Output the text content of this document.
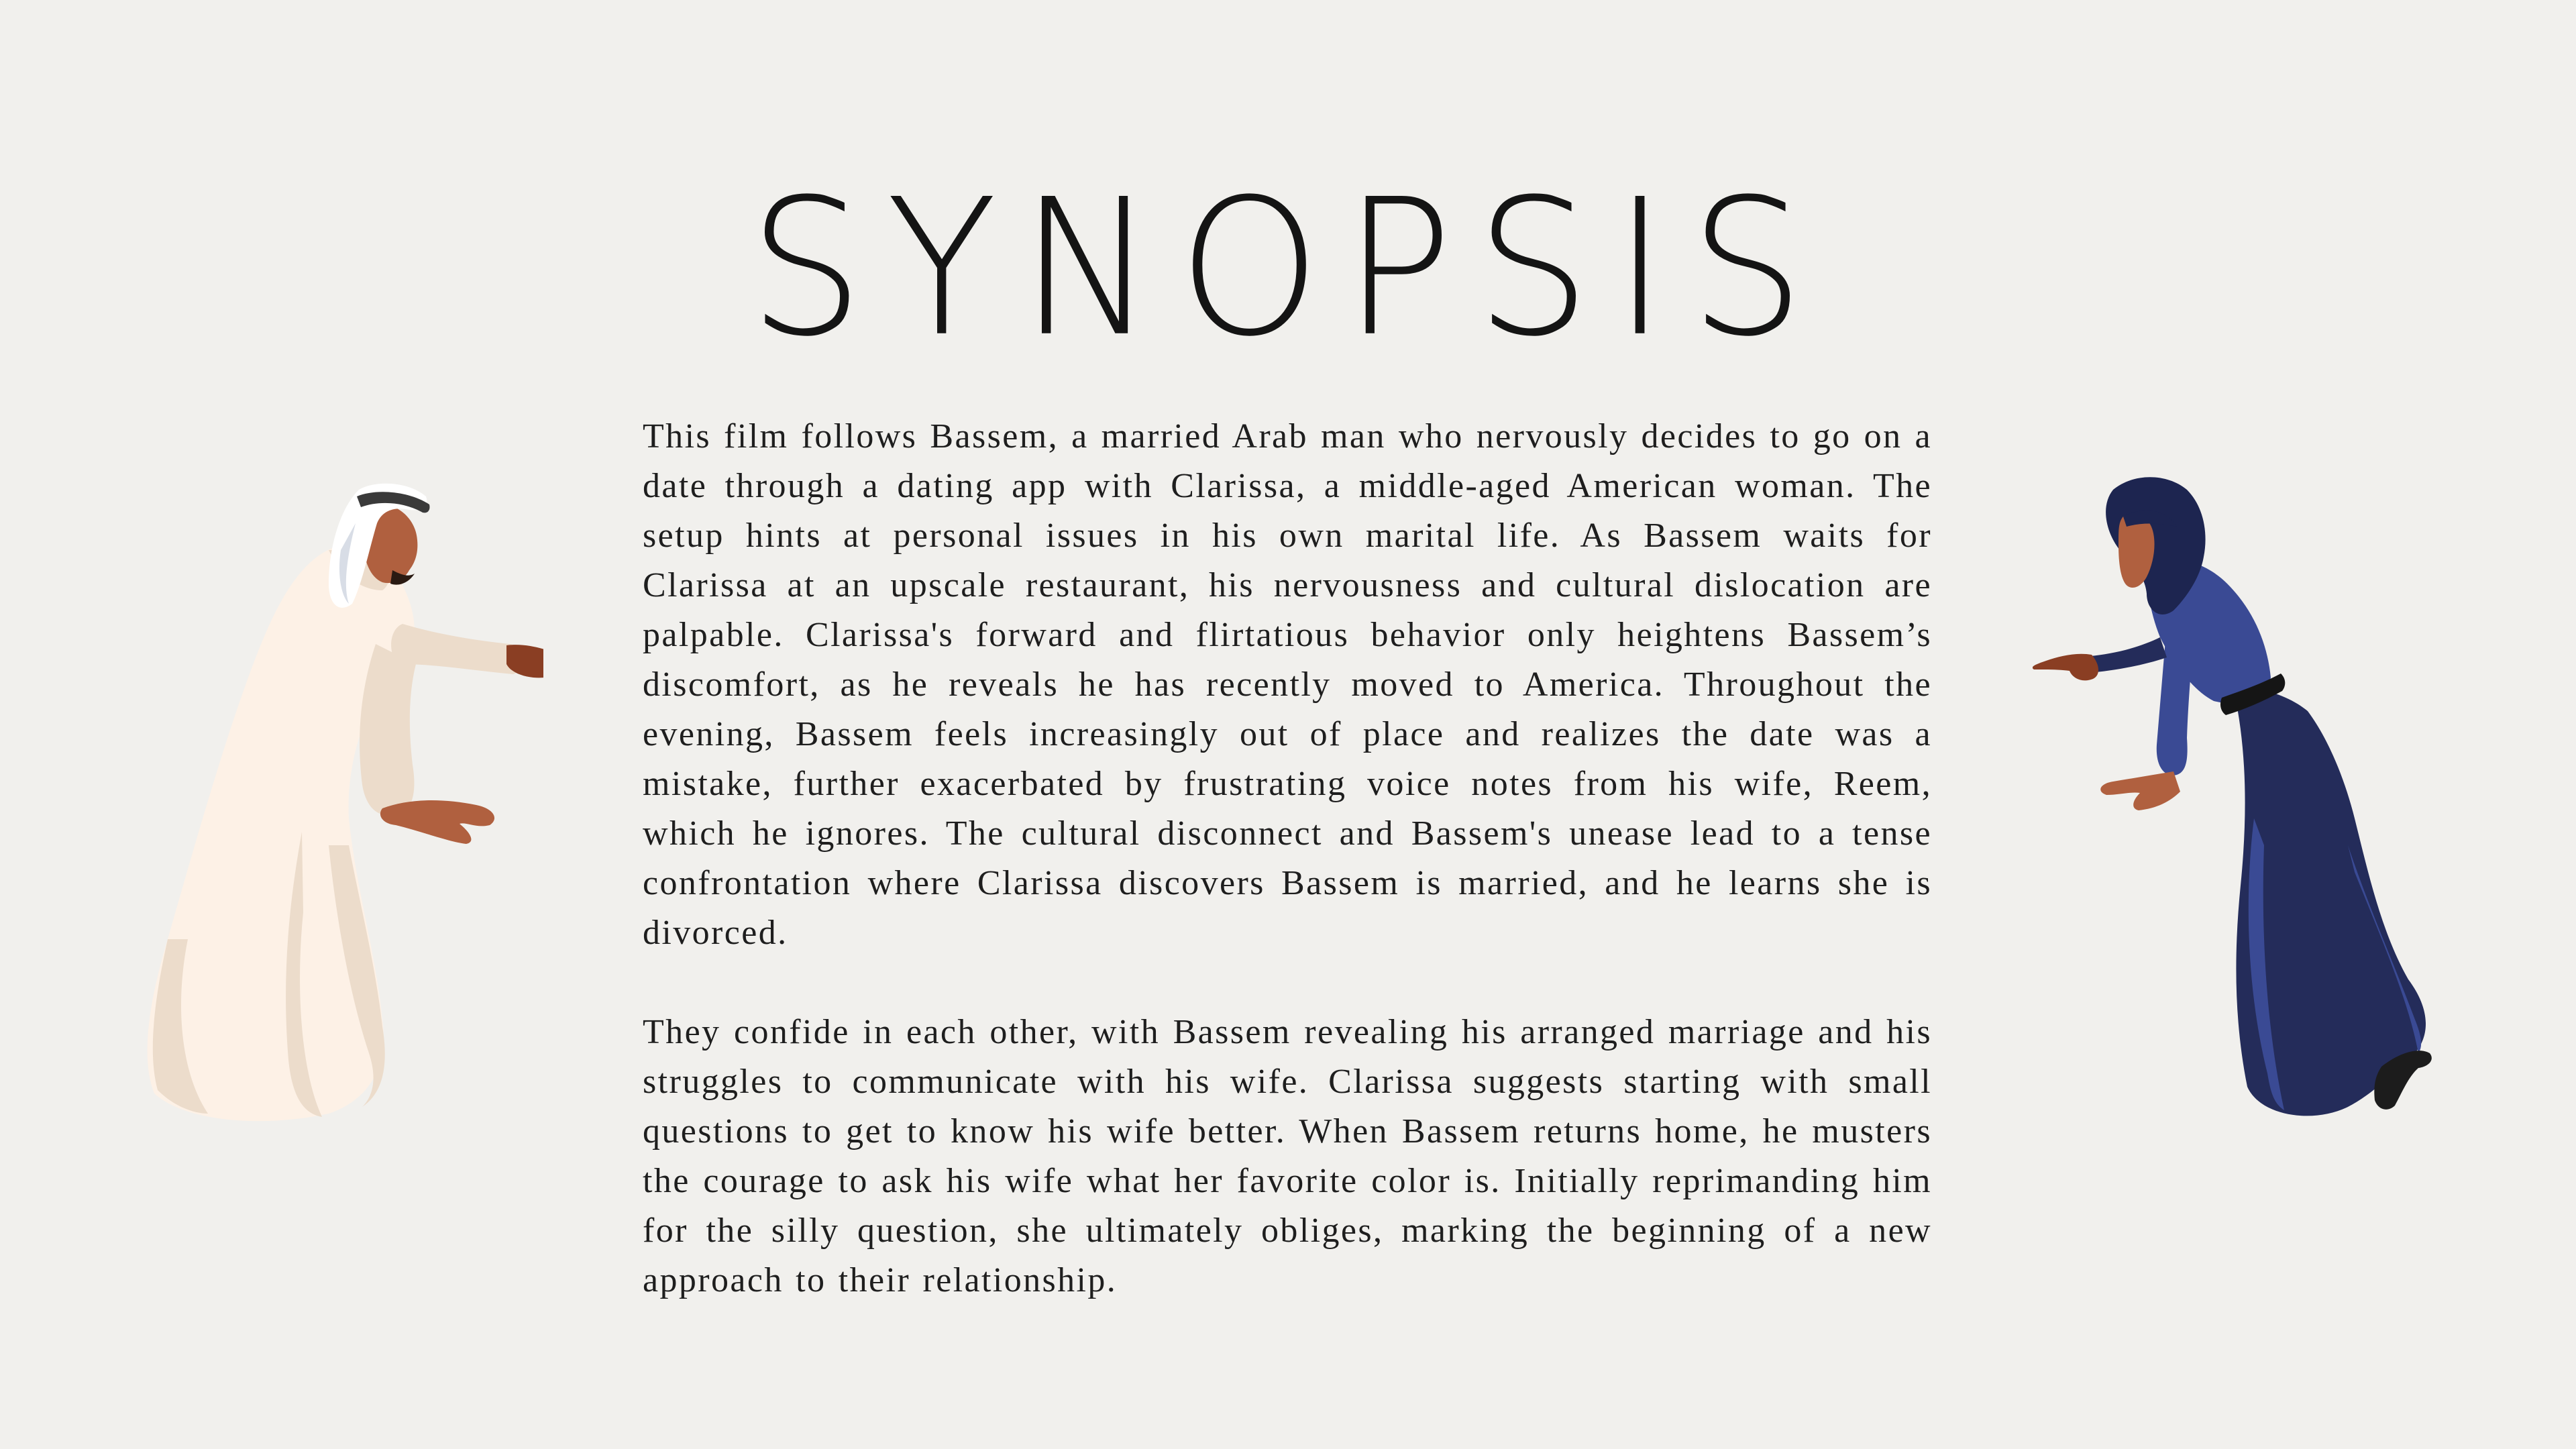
SYNOPSIS

This film follows Bassem, a married Arab man who nervously decides to go on a date through a dating app with Clarissa, a middle-aged American woman. The setup hints at personal issues in his own marital life. As Bassem waits for Clarissa at an upscale restaurant, his nervousness and cultural dislocation are palpable. Clarissa's forward and flirtatious behavior only heightens Bassem’s discomfort, as he reveals he has recently moved to America. Throughout the evening, Bassem feels increasingly out of place and realizes the date was a mistake, further exacerbated by frustrating voice notes from his wife, Reem, which he ignores. The cultural disconnect and Bassem's unease lead to a tense confrontation where Clarissa discovers Bassem is married, and he learns she is divorced.

They confide in each other, with Bassem revealing his arranged marriage and his struggles to communicate with his wife. Clarissa suggests starting with small questions to get to know his wife better. When Bassem returns home, he musters the courage to ask his wife what her favorite color is. Initially reprimanding him for the silly question, she ultimately obliges, marking the beginning of a new approach to their relationship.
